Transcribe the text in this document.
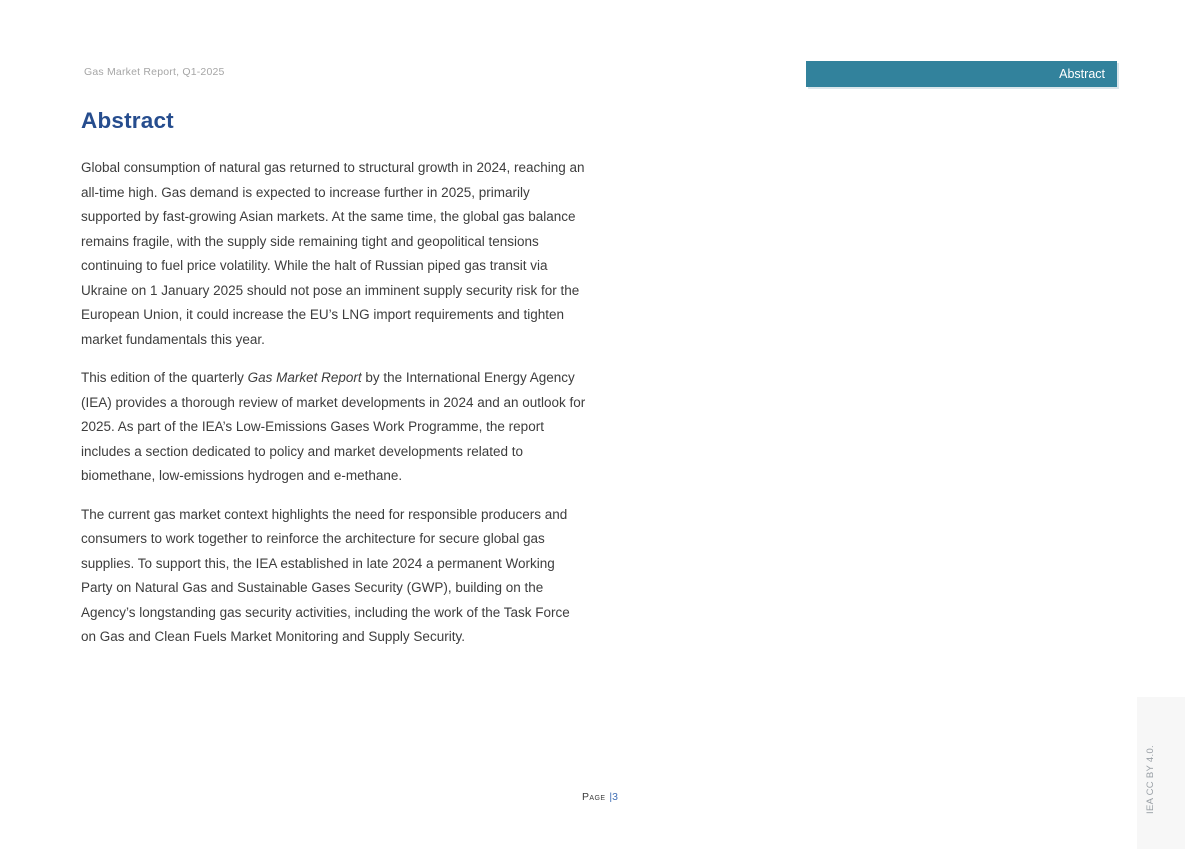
Gas Market Report, Q1-2025	Abstract
Abstract

Global consumption of natural gas returned to structural growth in 2024, reaching an all-time high. Gas demand is expected to increase further in 2025, primarily supported by fast-growing Asian markets. At the same time, the global gas balance remains fragile, with the supply side remaining tight and geopolitical tensions continuing to fuel price volatility. While the halt of Russian piped gas transit via Ukraine on 1 January 2025 should not pose an imminent supply security risk for the European Union, it could increase the EU’s LNG import requirements and tighten market fundamentals this year.

This edition of the quarterly Gas Market Report by the International Energy Agency (IEA) provides a thorough review of market developments in 2024 and an outlook for 2025. As part of the IEA’s Low-Emissions Gases Work Programme, the report includes a section dedicated to policy and market developments related to biomethane, low-emissions hydrogen and e-methane.

The current gas market context highlights the need for responsible producers and consumers to work together to reinforce the architecture for secure global gas supplies. To support this, the IEA established in late 2024 a permanent Working Party on Natural Gas and Sustainable Gases Security (GWP), building on the Agency’s longstanding gas security activities, including the work of the Task Force on Gas and Clean Fuels Market Monitoring and Supply Security.

Page |3	IEA CC BY 4.0.
